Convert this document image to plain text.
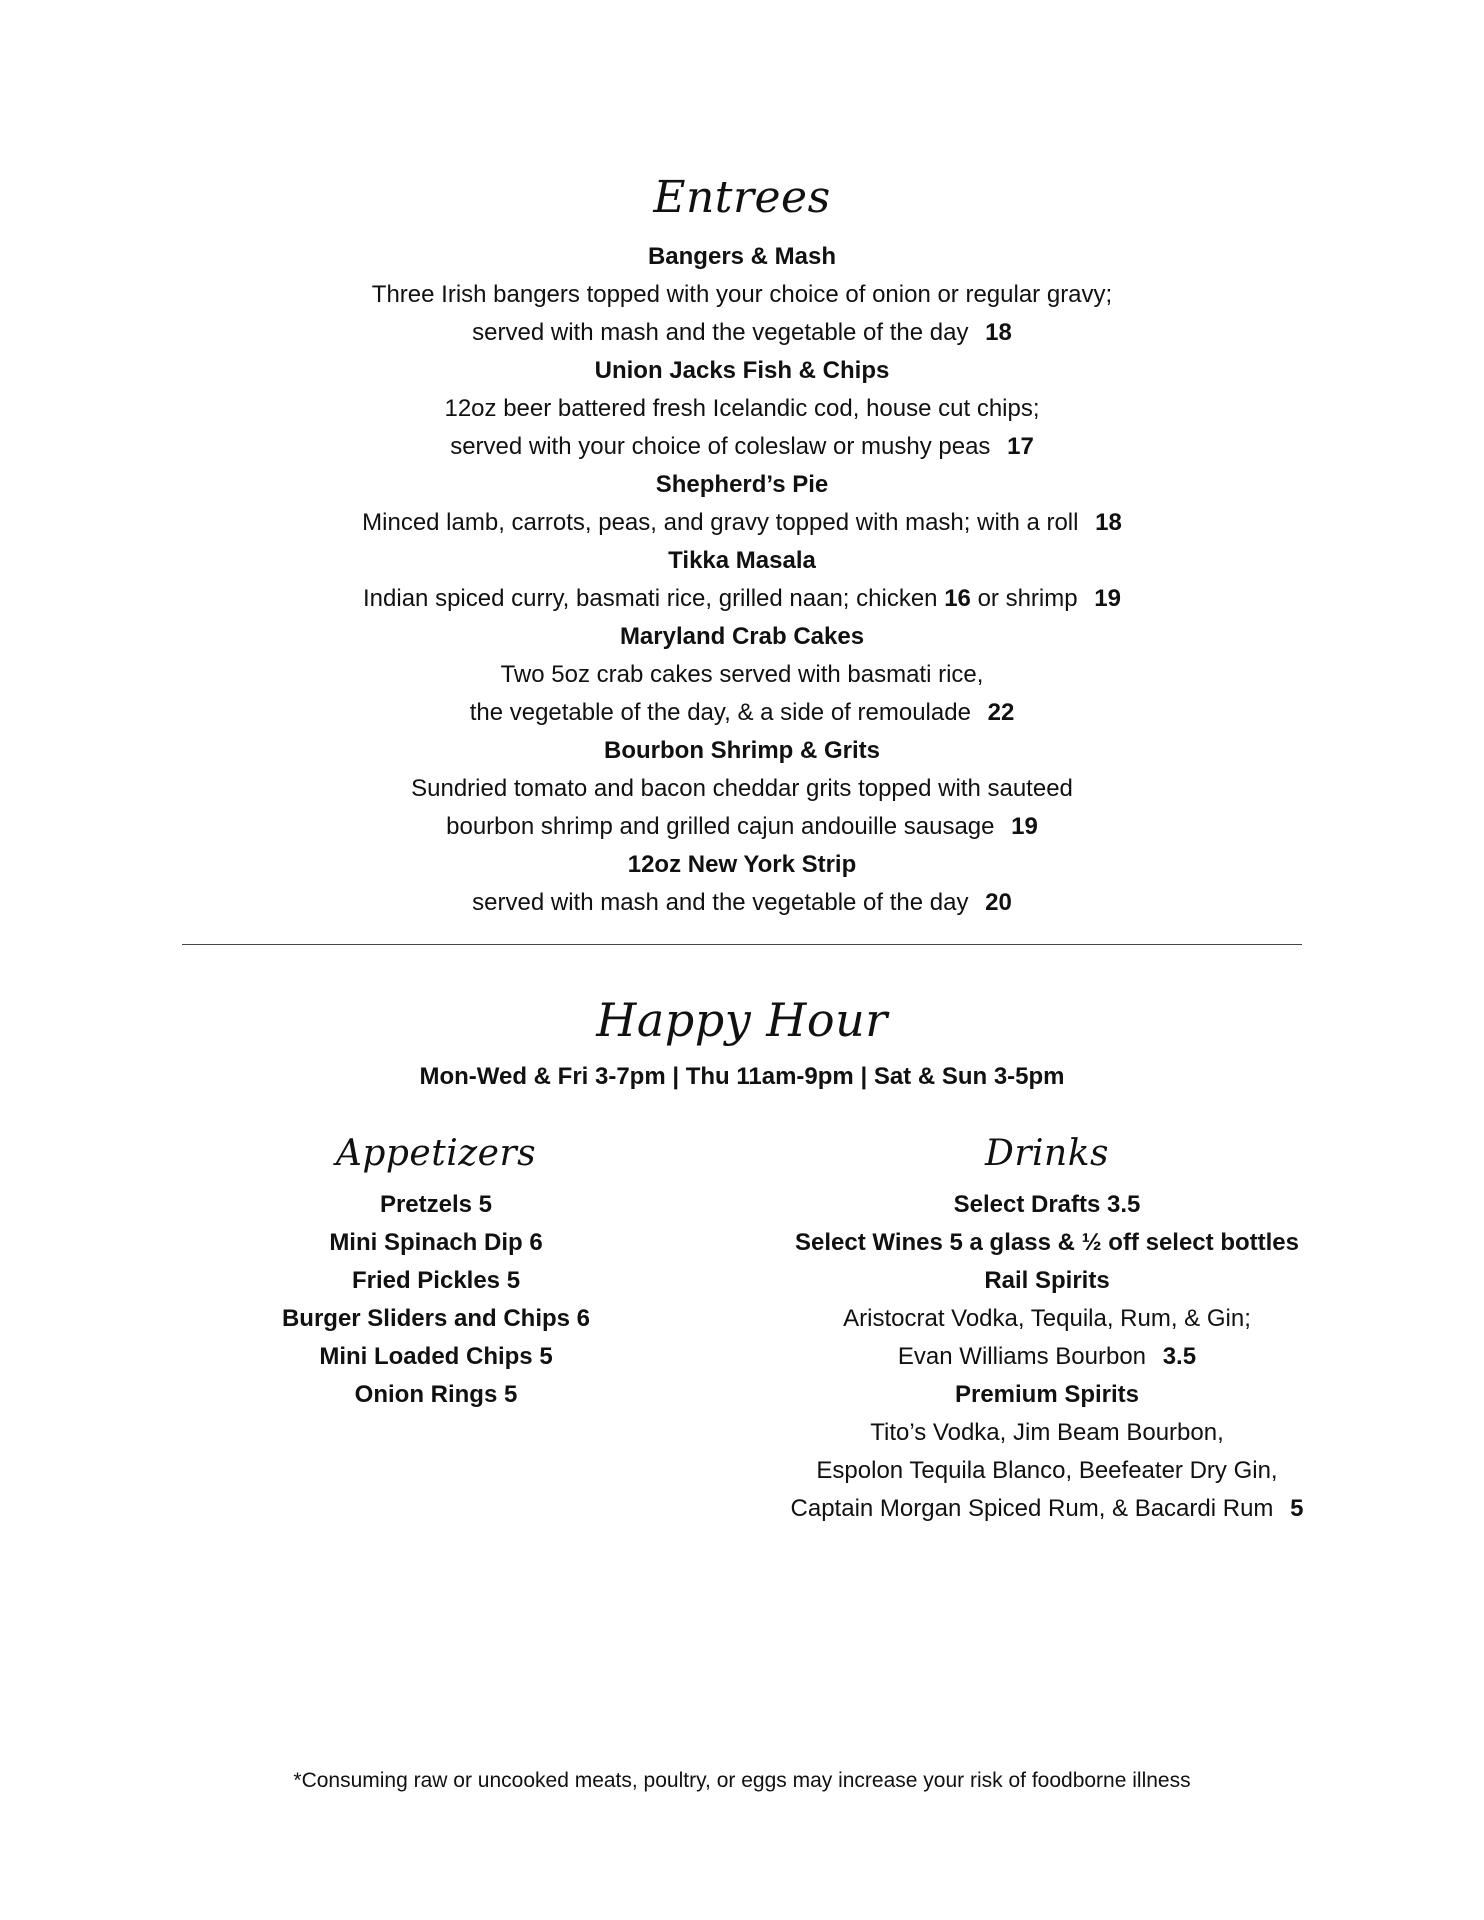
Entrees
Bangers & Mash
Three Irish bangers topped with your choice of onion or regular gravy;
served with mash and the vegetable of the day 18
Union Jacks Fish & Chips
12oz beer battered fresh Icelandic cod, house cut chips;
served with your choice of coleslaw or mushy peas 17
Shepherd’s Pie
Minced lamb, carrots, peas, and gravy topped with mash; with a roll 18
Tikka Masala
Indian spiced curry, basmati rice, grilled naan; chicken 16 or shrimp 19
Maryland Crab Cakes
Two 5oz crab cakes served with basmati rice,
the vegetable of the day, & a side of remoulade 22
Bourbon Shrimp & Grits
Sundried tomato and bacon cheddar grits topped with sauteed
bourbon shrimp and grilled cajun andouille sausage 19
12oz New York Strip
served with mash and the vegetable of the day 20
Happy Hour
Mon-Wed & Fri 3-7pm | Thu 11am-9pm | Sat & Sun 3-5pm
Appetizers
Pretzels 5
Mini Spinach Dip 6
Fried Pickles 5
Burger Sliders and Chips 6
Mini Loaded Chips 5
Onion Rings 5
Drinks
Select Drafts 3.5
Select Wines 5 a glass & ½ off select bottles
Rail Spirits
Aristocrat Vodka, Tequila, Rum, & Gin;
Evan Williams Bourbon 3.5
Premium Spirits
Tito’s Vodka, Jim Beam Bourbon,
Espolon Tequila Blanco, Beefeater Dry Gin,
Captain Morgan Spiced Rum, & Bacardi Rum 5
*Consuming raw or uncooked meats, poultry, or eggs may increase your risk of foodborne illness
